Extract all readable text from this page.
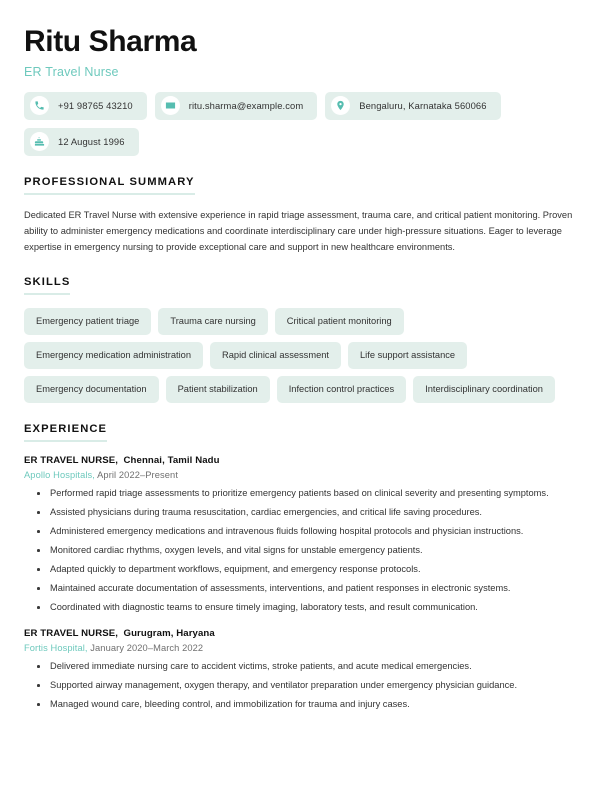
Ritu Sharma
ER Travel Nurse
+91 98765 43210	ritu.sharma@example.com	Bengaluru, Karnataka 560066
12 August 1996
PROFESSIONAL SUMMARY
Dedicated ER Travel Nurse with extensive experience in rapid triage assessment, trauma care, and critical patient monitoring. Proven ability to administer emergency medications and coordinate interdisciplinary care under high-pressure situations. Eager to leverage expertise in emergency nursing to provide exceptional care and support in new healthcare environments.
SKILLS
Emergency patient triage	Trauma care nursing	Critical patient monitoring
Emergency medication administration	Rapid clinical assessment	Life support assistance
Emergency documentation	Patient stabilization	Infection control practices	Interdisciplinary coordination
EXPERIENCE
ER TRAVEL NURSE,  Chennai, Tamil Nadu
Apollo Hospitals, April 2022–Present
Performed rapid triage assessments to prioritize emergency patients based on clinical severity and presenting symptoms.
Assisted physicians during trauma resuscitation, cardiac emergencies, and critical life saving procedures.
Administered emergency medications and intravenous fluids following hospital protocols and physician instructions.
Monitored cardiac rhythms, oxygen levels, and vital signs for unstable emergency patients.
Adapted quickly to department workflows, equipment, and emergency response protocols.
Maintained accurate documentation of assessments, interventions, and patient responses in electronic systems.
Coordinated with diagnostic teams to ensure timely imaging, laboratory tests, and result communication.
ER TRAVEL NURSE,  Gurugram, Haryana
Fortis Hospital, January 2020–March 2022
Delivered immediate nursing care to accident victims, stroke patients, and acute medical emergencies.
Supported airway management, oxygen therapy, and ventilator preparation under emergency physician guidance.
Managed wound care, bleeding control, and immobilization for trauma and injury cases.
